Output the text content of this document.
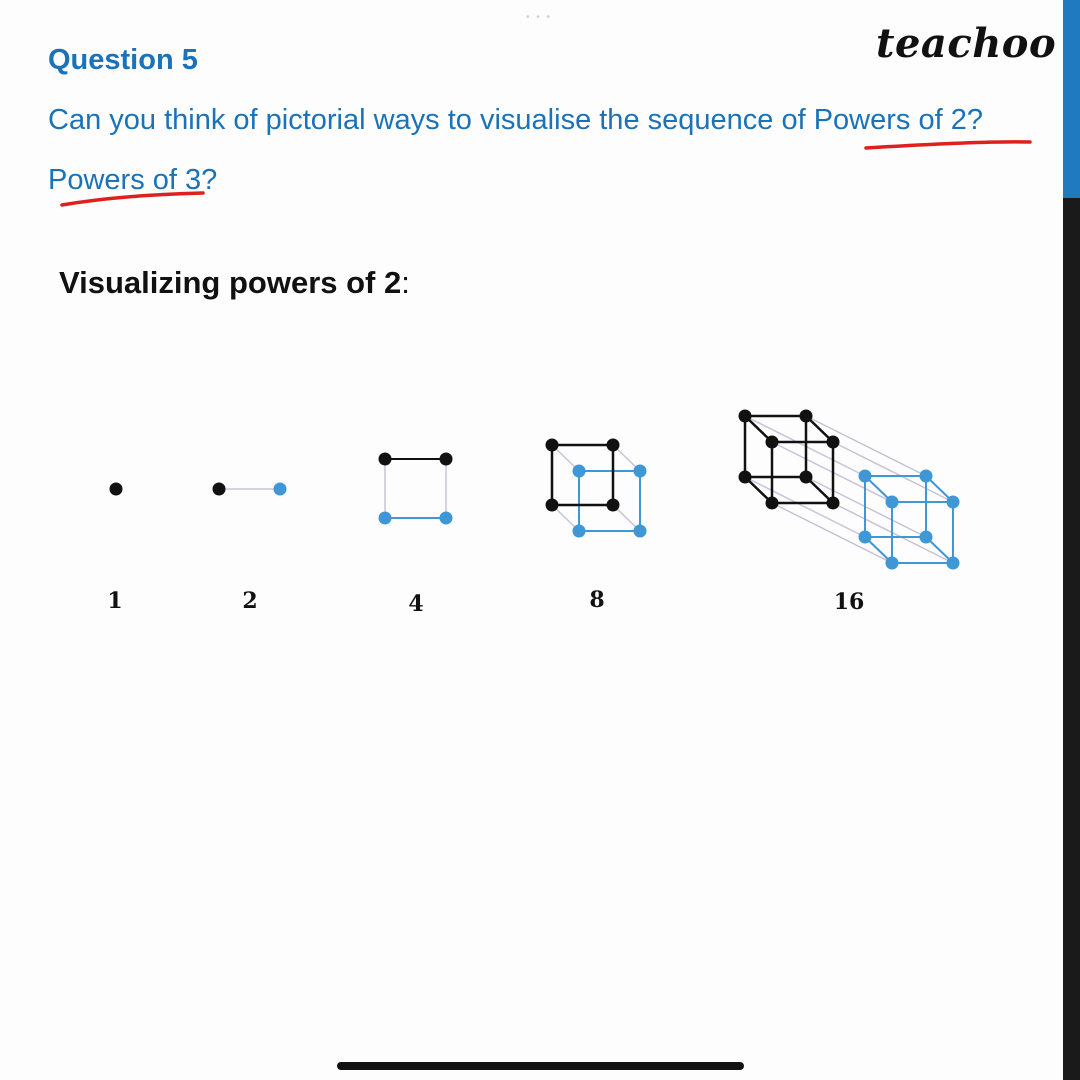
• • •
teachoo
Question 5
Can you think of pictorial ways to visualise the sequence of Powers of 2?
Powers of 3?
Visualizing powers of 2:
1	2	4	8	16
